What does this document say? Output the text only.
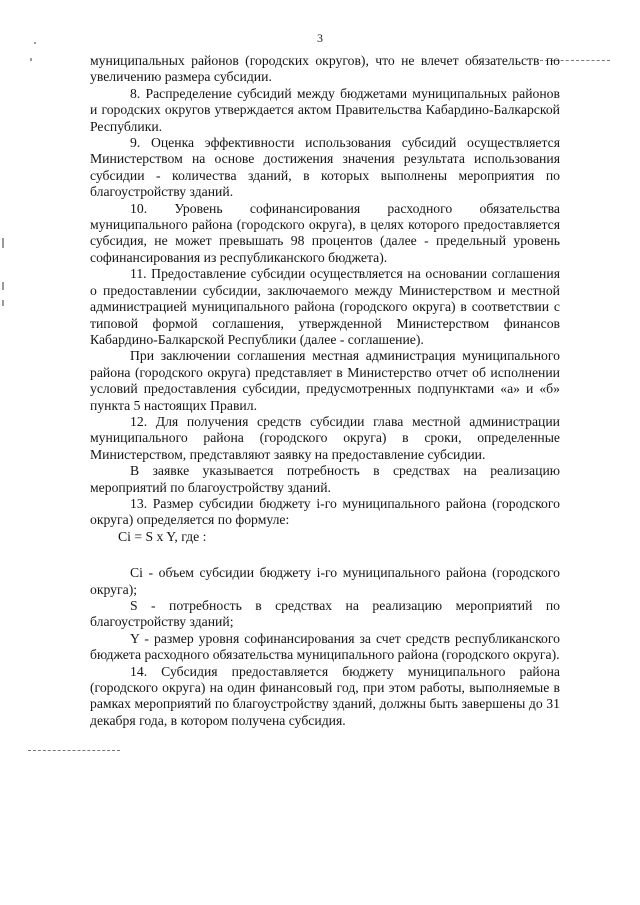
3

муниципальных районов (городских округов), что не влечет обязательств по увеличению размера субсидии.

8. Распределение субсидий между бюджетами муниципальных районов и городских округов утверждается актом Правительства Кабардино-Балкарской Республики.

9. Оценка эффективности использования субсидий осуществляется Министерством на основе достижения значения результата использования субсидии - количества зданий, в которых выполнены мероприятия по благоустройству зданий.

10. Уровень софинансирования расходного обязательства муниципального района (городского округа), в целях которого предоставляется субсидия, не может превышать 98 процентов (далее - предельный уровень софинансирования из республиканского бюджета).

11. Предоставление субсидии осуществляется на основании соглашения о предоставлении субсидии, заключаемого между Министерством и местной администрацией муниципального района (городского округа) в соответствии с типовой формой соглашения, утвержденной Министерством финансов Кабардино-Балкарской Республики (далее - соглашение).

При заключении соглашения местная администрация муниципального района (городского округа) представляет в Министерство отчет об исполнении условий предоставления субсидии, предусмотренных подпунктами «а» и «б» пункта 5 настоящих Правил.

12. Для получения средств субсидии глава местной администрации муниципального района (городского округа) в сроки, определенные Министерством, представляют заявку на предоставление субсидии.

В заявке указывается потребность в средствах на реализацию мероприятий по благоустройству зданий.

13. Размер субсидии бюджету i-го муниципального района (городского округа) определяется по формуле:

Ci = S x Y, где :

Ci - объем субсидии бюджету i-го муниципального района (городского округа);

S - потребность в средствах на реализацию мероприятий по благоустройству зданий;

Y - размер уровня софинансирования за счет средств республиканского бюджета расходного обязательства муниципального района (городского округа).

14. Субсидия предоставляется бюджету муниципального района (городского округа) на один финансовый год, при этом работы, выполняемые в рамках мероприятий по благоустройству зданий, должны быть завершены до 31 декабря года, в котором получена субсидия.
